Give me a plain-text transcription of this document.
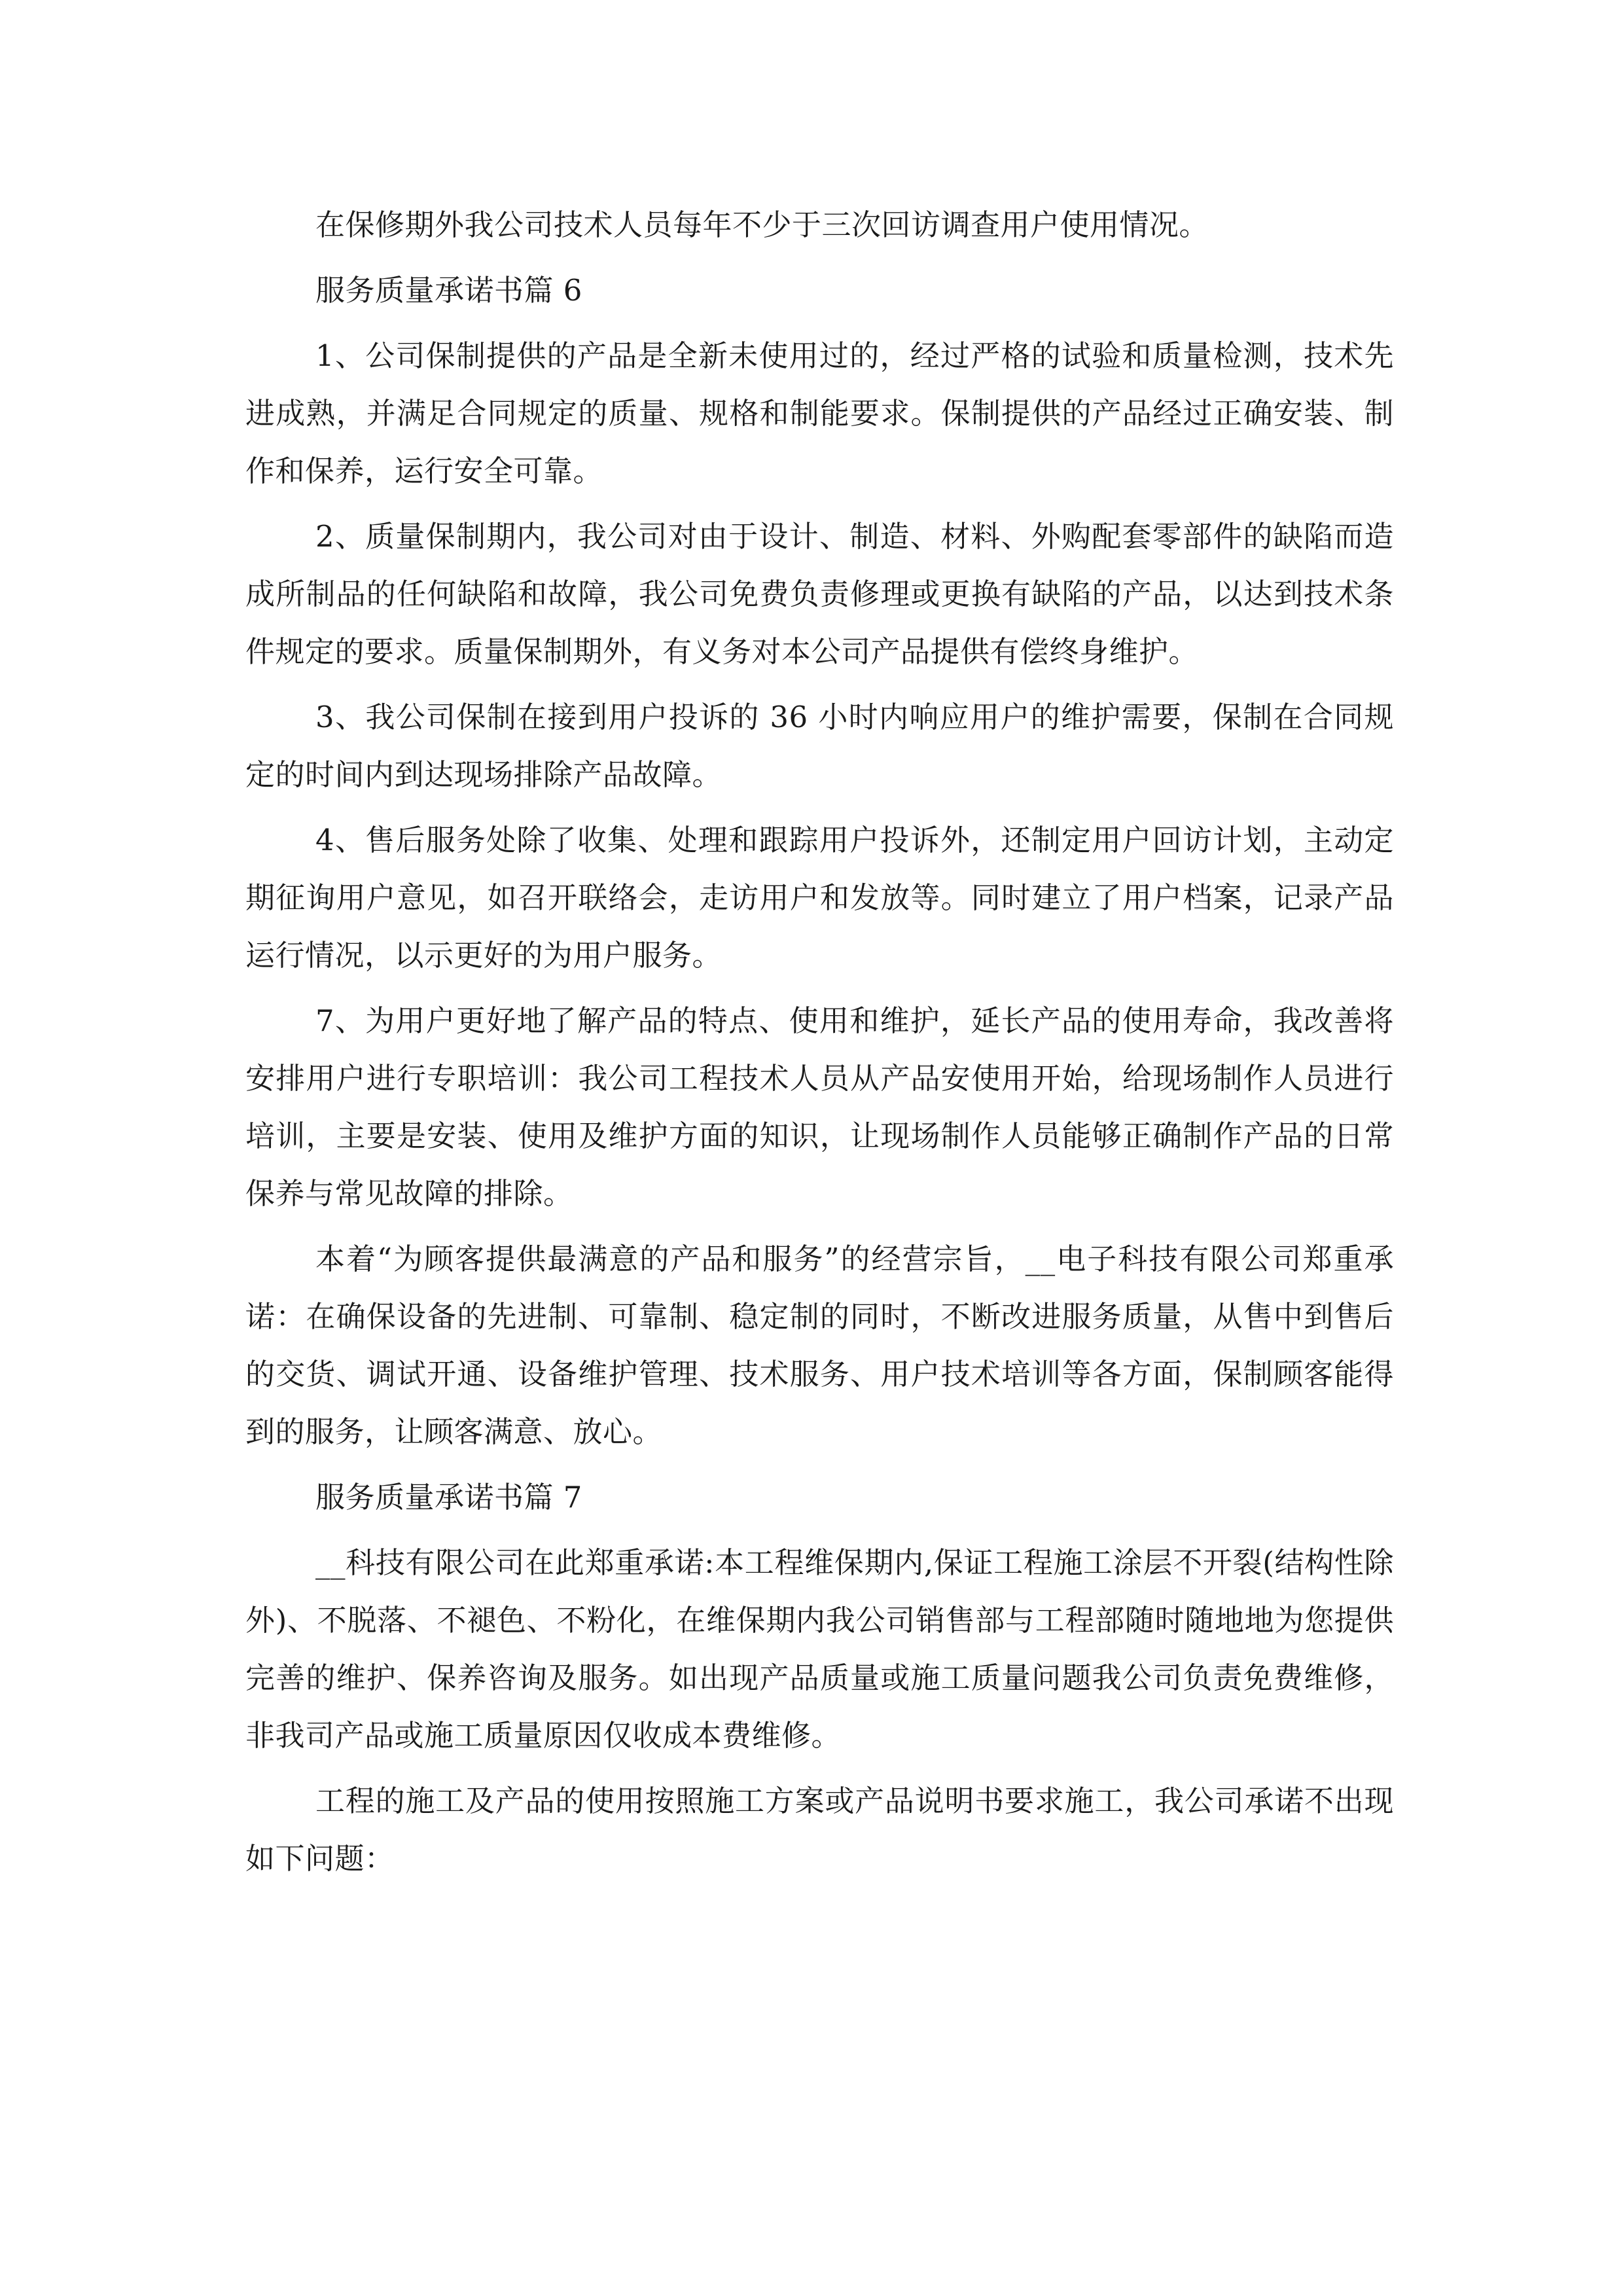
在保修期外我公司技术人员每年不少于三次回访调查用户使用情况。

服务质量承诺书篇 6

1、公司保制提供的产品是全新未使用过的，经过严格的试验和质量检测，技术先进成熟，并满足合同规定的质量、规格和制能要求。保制提供的产品经过正确安装、制作和保养，运行安全可靠。

2、质量保制期内，我公司对由于设计、制造、材料、外购配套零部件的缺陷而造成所制品的任何缺陷和故障，我公司免费负责修理或更换有缺陷的产品，以达到技术条件规定的要求。质量保制期外，有义务对本公司产品提供有偿终身维护。

3、我公司保制在接到用户投诉的 36 小时内响应用户的维护需要，保制在合同规定的时间内到达现场排除产品故障。

4、售后服务处除了收集、处理和跟踪用户投诉外，还制定用户回访计划，主动定期征询用户意见，如召开联络会，走访用户和发放等。同时建立了用户档案，记录产品运行情况，以示更好的为用户服务。

7、为用户更好地了解产品的特点、使用和维护，延长产品的使用寿命，我改善将安排用户进行专职培训：我公司工程技术人员从产品安使用开始，给现场制作人员进行培训，主要是安装、使用及维护方面的知识，让现场制作人员能够正确制作产品的日常保养与常见故障的排除。

本着“为顾客提供最满意的产品和服务”的经营宗旨，__电子科技有限公司郑重承诺：在确保设备的先进制、可靠制、稳定制的同时，不断改进服务质量，从售中到售后的交货、调试开通、设备维护管理、技术服务、用户技术培训等各方面，保制顾客能得到的服务，让顾客满意、放心。

服务质量承诺书篇 7

__科技有限公司在此郑重承诺:本工程维保期内,保证工程施工涂层不开裂(结构性除外)、不脱落、不褪色、不粉化，在维保期内我公司销售部与工程部随时随地地为您提供完善的维护、保养咨询及服务。如出现产品质量或施工质量问题我公司负责免费维修，非我司产品或施工质量原因仅收成本费维修。

工程的施工及产品的使用按照施工方案或产品说明书要求施工，我公司承诺不出现如下问题：
